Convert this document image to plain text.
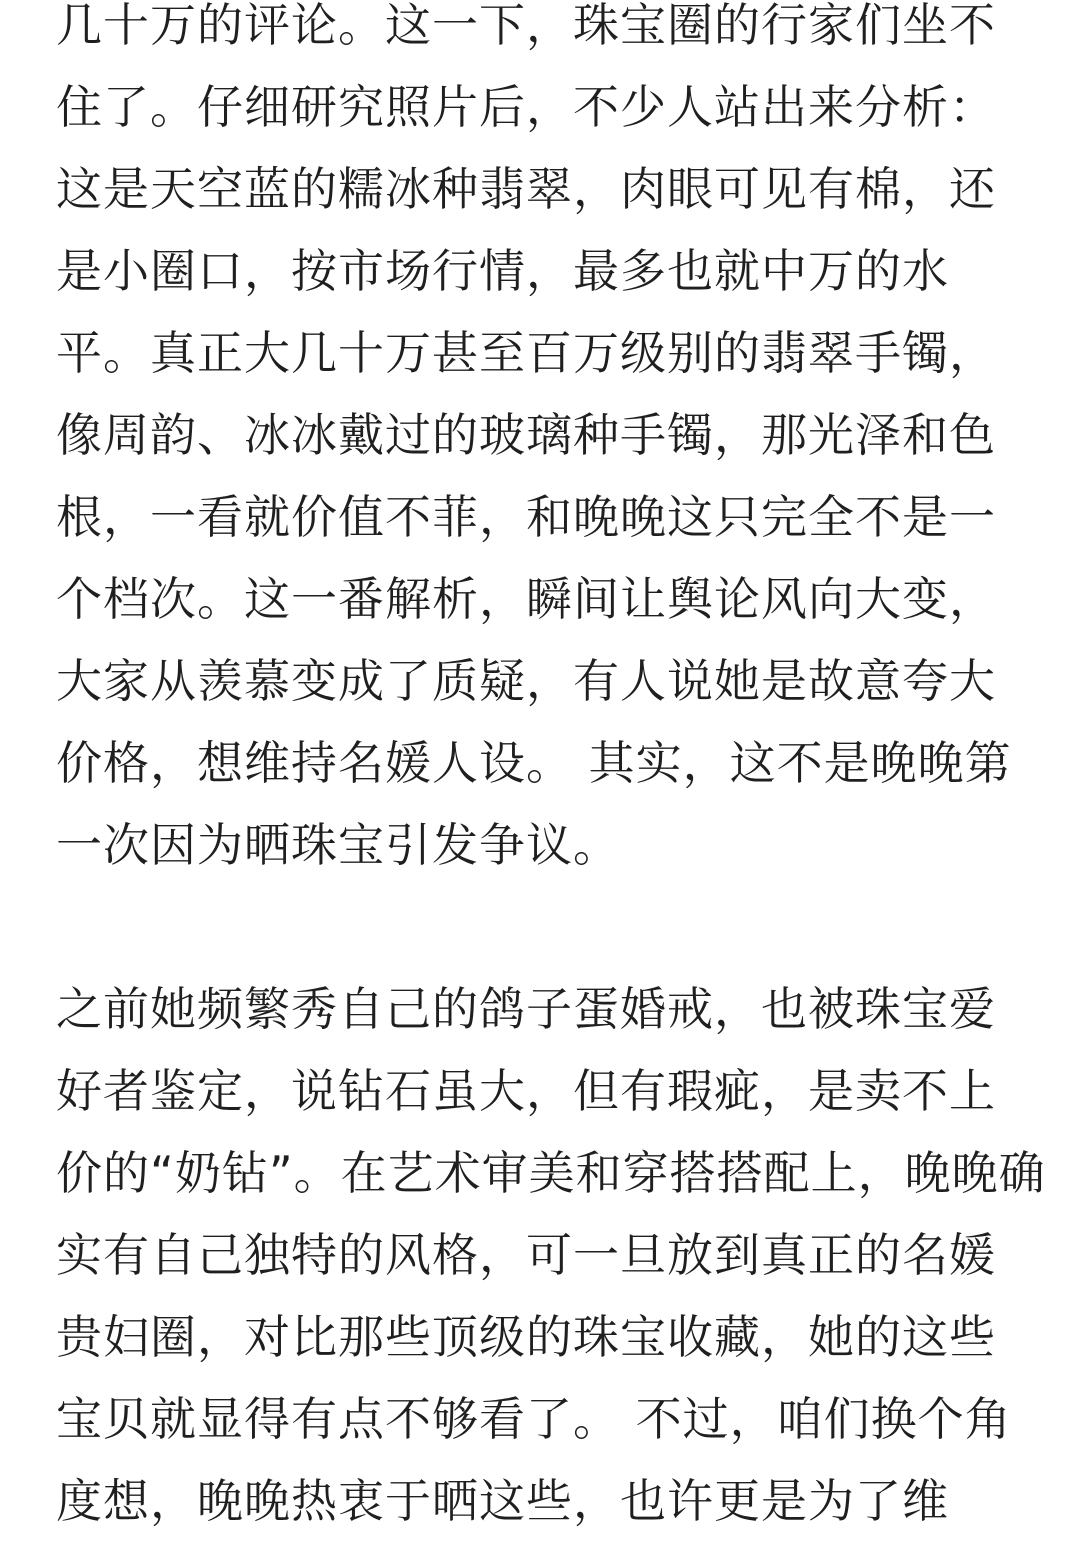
几十万的评论。这一下，珠宝圈的行家们坐不
住了。仔细研究照片后，不少人站出来分析：
这是天空蓝的糯冰种翡翠，肉眼可见有棉，还
是小圈口，按市场行情，最多也就中万的水
平。真正大几十万甚至百万级别的翡翠手镯，
像周韵、冰冰戴过的玻璃种手镯，那光泽和色
根，一看就价值不菲，和晚晚这只完全不是一
个档次。这一番解析，瞬间让舆论风向大变，
大家从羡慕变成了质疑，有人说她是故意夸大
价格，想维持名媛人设。 其实，这不是晚晚第
一次因为晒珠宝引发争议。
之前她频繁秀自己的鸽子蛋婚戒，也被珠宝爱
好者鉴定，说钻石虽大，但有瑕疵，是卖不上
价的“奶钻”。在艺术审美和穿搭搭配上，晚晚确
实有自己独特的风格，可一旦放到真正的名媛
贵妇圈，对比那些顶级的珠宝收藏，她的这些
宝贝就显得有点不够看了。 不过，咱们换个角
度想，晚晚热衷于晒这些，也许更是为了维
